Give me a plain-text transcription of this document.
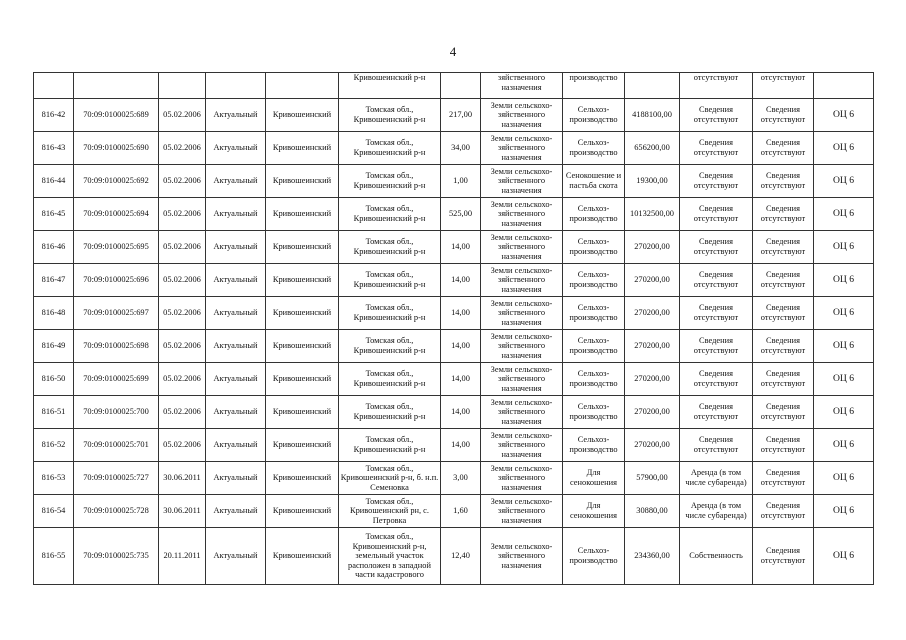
4
					Кривошеинский р-н		зяйственного назначения	производство		отсутствуют	отсутствуют	
816-42	70:09:0100025:689	05.02.2006	Актуальный	Кривошеинский	Томская обл., Кривошеинский р-н	217,00	Земли сельскохо-зяйственного назначения	Сельхоз-производство	4188100,00	Сведения отсутствуют	Сведения отсутствуют	ОЦ 6
816-43	70:09:0100025:690	05.02.2006	Актуальный	Кривошеинский	Томская обл., Кривошеинский р-н	34,00	Земли сельскохо-зяйственного назначения	Сельхоз-производство	656200,00	Сведения отсутствуют	Сведения отсутствуют	ОЦ 6
816-44	70:09:0100025:692	05.02.2006	Актуальный	Кривошеинский	Томская обл., Кривошеинский р-н	1,00	Земли сельскохо-зяйственного назначения	Сенокошение и пастьба скота	19300,00	Сведения отсутствуют	Сведения отсутствуют	ОЦ 6
816-45	70:09:0100025:694	05.02.2006	Актуальный	Кривошеинский	Томская обл., Кривошеинский р-н	525,00	Земли сельскохо-зяйственного назначения	Сельхоз-производство	10132500,00	Сведения отсутствуют	Сведения отсутствуют	ОЦ 6
816-46	70:09:0100025:695	05.02.2006	Актуальный	Кривошеинский	Томская обл., Кривошеинский р-н	14,00	Земли сельскохо-зяйственного назначения	Сельхоз-производство	270200,00	Сведения отсутствуют	Сведения отсутствуют	ОЦ 6
816-47	70:09:0100025:696	05.02.2006	Актуальный	Кривошеинский	Томская обл., Кривошеинский р-н	14,00	Земли сельскохо-зяйственного назначения	Сельхоз-производство	270200,00	Сведения отсутствуют	Сведения отсутствуют	ОЦ 6
816-48	70:09:0100025:697	05.02.2006	Актуальный	Кривошеинский	Томская обл., Кривошеинский р-н	14,00	Земли сельскохо-зяйственного назначения	Сельхоз-производство	270200,00	Сведения отсутствуют	Сведения отсутствуют	ОЦ 6
816-49	70:09:0100025:698	05.02.2006	Актуальный	Кривошеинский	Томская обл., Кривошеинский р-н	14,00	Земли сельскохо-зяйственного назначения	Сельхоз-производство	270200,00	Сведения отсутствуют	Сведения отсутствуют	ОЦ 6
816-50	70:09:0100025:699	05.02.2006	Актуальный	Кривошеинский	Томская обл., Кривошеинский р-н	14,00	Земли сельскохо-зяйственного назначения	Сельхоз-производство	270200,00	Сведения отсутствуют	Сведения отсутствуют	ОЦ 6
816-51	70:09:0100025:700	05.02.2006	Актуальный	Кривошеинский	Томская обл., Кривошеинский р-н	14,00	Земли сельскохо-зяйственного назначения	Сельхоз-производство	270200,00	Сведения отсутствуют	Сведения отсутствуют	ОЦ 6
816-52	70:09:0100025:701	05.02.2006	Актуальный	Кривошеинский	Томская обл., Кривошеинский р-н	14,00	Земли сельскохо-зяйственного назначения	Сельхоз-производство	270200,00	Сведения отсутствуют	Сведения отсутствуют	ОЦ 6
816-53	70:09:0100025:727	30.06.2011	Актуальный	Кривошеинский	Томская обл., Кривошеинский р-н, б. н.п. Семеновка	3,00	Земли сельскохо-зяйственного назначения	Для сенокошения	57900,00	Аренда (в том числе субаренда)	Сведения отсутствуют	ОЦ 6
816-54	70:09:0100025:728	30.06.2011	Актуальный	Кривошеинский	Томская обл., Кривошеинский рн, с. Петровка	1,60	Земли сельскохо-зяйственного назначения	Для сенокошения	30880,00	Аренда (в том числе субаренда)	Сведения отсутствуют	ОЦ 6
816-55	70:09:0100025:735	20.11.2011	Актуальный	Кривошеинский	Томская обл., Кривошеинский р-н, земельный участок расположен в западной части кадастрового	12,40	Земли сельскохо-зяйственного назначения	Сельхоз-производство	234360,00	Собственность	Сведения отсутствуют	ОЦ 6
